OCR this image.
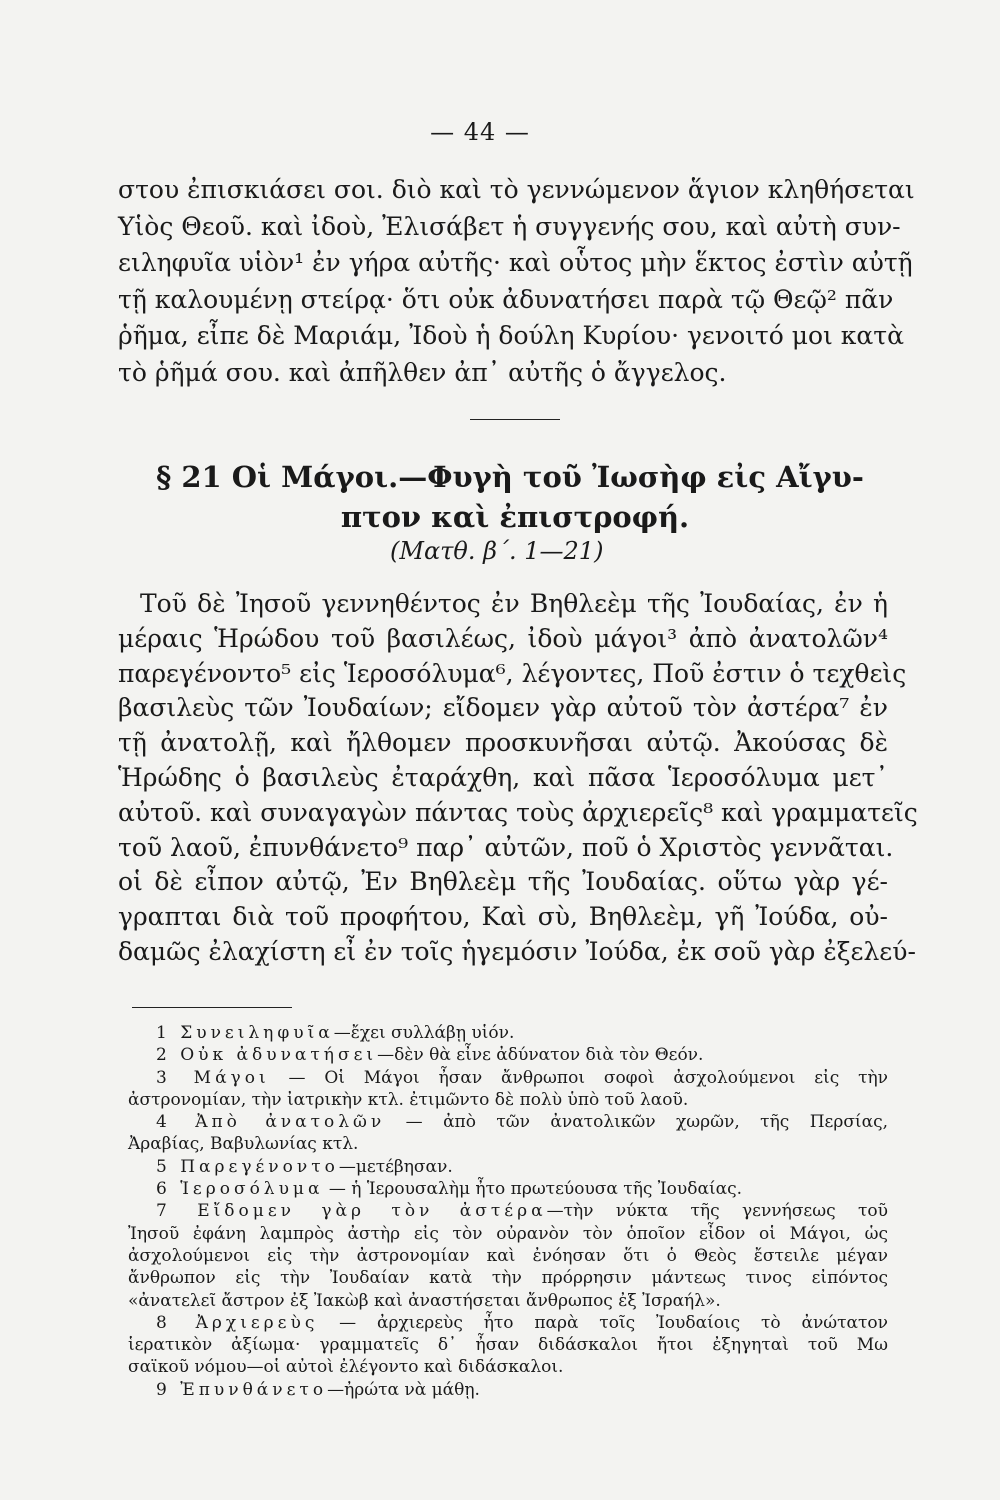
— 44 —
στου ἐπισκιάσει σοι. διὸ καὶ τὸ γεννώμενον ἅγιον κληθήσεται
Υἱὸς Θεοῦ. καὶ ἰδοὺ, Ἐλισάβετ ἡ συγγενής σου, καὶ αὐτὴ συν-
ειληφυῖα υἱὸν¹ ἐν γήρα αὐτῆς· καὶ οὗτος μὴν ἕκτος ἐστὶν αὐτῇ
τῇ καλουμένῃ στείρᾳ· ὅτι οὐκ ἀδυνατήσει παρὰ τῷ Θεῷ² πᾶν
ῥῆμα, εἶπε δὲ Μαριάμ, Ἰδοὺ ἡ δούλη Κυρίου· γενοιτό μοι κατὰ
τὸ ῥῆμά σου. καὶ ἀπῆλθεν ἀπ᾽ αὐτῆς ὁ ἄγγελος.
§ 21 Οἱ Μάγοι.—Φυγὴ τοῦ Ἰωσὴφ εἰς Αἴγυ-
πτον καὶ ἐπιστροφή.
(Ματθ. β΄. 1—21)
Τοῦ δὲ Ἰησοῦ γεννηθέντος ἐν Βηθλεὲμ τῆς Ἰουδαίας, ἐν ἡ
μέραις Ἡρώδου τοῦ βασιλέως, ἰδοὺ μάγοι³ ἀπὸ ἀνατολῶν⁴
παρεγένοντο⁵ εἰς Ἱεροσόλυμα⁶, λέγοντες, Ποῦ ἐστιν ὁ τεχθεὶς
βασιλεὺς τῶν Ἰουδαίων; εἴδομεν γὰρ αὐτοῦ τὸν ἀστέρα⁷ ἐν
τῇ ἀνατολῇ, καὶ ἤλθομεν προσκυνῆσαι αὐτῷ. Ἀκούσας δὲ
Ἡρώδης ὁ βασιλεὺς ἐταράχθη, καὶ πᾶσα Ἱεροσόλυμα μετ᾽
αὐτοῦ. καὶ συναγαγὼν πάντας τοὺς ἀρχιερεῖς⁸ καὶ γραμματεῖς
τοῦ λαοῦ, ἐπυνθάνετο⁹ παρ᾽ αὐτῶν, ποῦ ὁ Χριστὸς γεννᾶται.
οἱ δὲ εἶπον αὐτῷ, Ἐν Βηθλεὲμ τῆς Ἰουδαίας. οὕτω γὰρ γέ-
γραπται διὰ τοῦ προφήτου, Καὶ σὺ, Βηθλεὲμ, γῆ Ἰούδα, οὐ-
δαμῶς ἐλαχίστη εἶ ἐν τοῖς ἡγεμόσιν Ἰούδα, ἐκ σοῦ γὰρ ἐξελεύ-
1 Συνειληφυῖα—ἔχει συλλάβῃ υἱόν.
2 Οὐκ ἀδυνατήσει—δὲν θὰ εἶνε ἀδύνατον διὰ τὸν Θεόν.
3 Μάγοι — Οἱ Μάγοι ἦσαν ἄνθρωποι σοφοὶ ἀσχολούμενοι εἰς τὴν
ἀστρονομίαν, τὴν ἰατρικὴν κτλ. ἐτιμῶντο δὲ πολὺ ὑπὸ τοῦ λαοῦ.
4 Ἀπὸ ἀνατολῶν — ἀπὸ τῶν ἀνατολικῶν χωρῶν, τῆς Περσίας,
Ἀραβίας, Βαβυλωνίας κτλ.
5 Παρεγένοντο—μετέβησαν.
6 Ἱεροσόλυμα — ἡ Ἱερουσαλὴμ ἦτο πρωτεύουσα τῆς Ἰουδαίας.
7 Εἴδομεν γὰρ τὸν ἀστέρα—τὴν νύκτα τῆς γεννήσεως τοῦ
Ἰησοῦ ἐφάνη λαμπρὸς ἀστὴρ εἰς τὸν οὐρανὸν τὸν ὁποῖον εἶδον οἱ Μάγοι, ὡς
ἀσχολούμενοι εἰς τὴν ἀστρονομίαν καὶ ἐνόησαν ὅτι ὁ Θεὸς ἔστειλε μέγαν
ἄνθρωπον εἰς τὴν Ἰουδαίαν κατὰ τὴν πρόρρησιν μάντεως τινος εἰπόντος
«ἀνατελεῖ ἄστρον ἐξ Ἰακὼβ καὶ ἀναστήσεται ἄνθρωπος ἐξ Ἰσραήλ».
8 Ἀρχιερεὺς — ἀρχιερεὺς ἦτο παρὰ τοῖς Ἰουδαίοις τὸ ἀνώτατον
ἱερατικὸν ἀξίωμα· γραμματεῖς δ᾽ ἦσαν διδάσκαλοι ἤτοι ἐξηγηταὶ τοῦ Μω
σαϊκοῦ νόμου—οἱ αὐτοὶ ἐλέγοντο καὶ διδάσκαλοι.
9 Ἐπυνθάνετο—ἠρώτα νὰ μάθῃ.
